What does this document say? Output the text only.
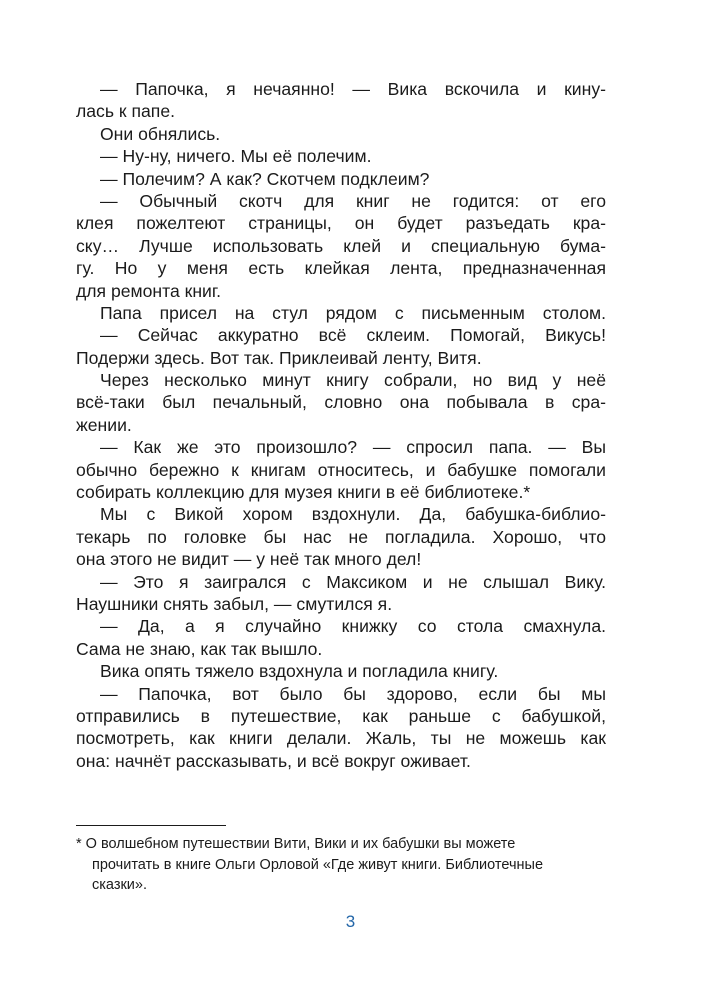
— Папочка, я нечаянно! — Вика вскочила и кину-
лась к папе.
Они обнялись.
— Ну-ну, ничего. Мы её полечим.
— Полечим? А как? Скотчем подклеим?
— Обычный скотч для книг не годится: от его
клея пожелтеют страницы, он будет разъедать кра-
ску… Лучше использовать клей и специальную бума-
гу. Но у меня есть клейкая лента, предназначенная
для ремонта книг.
Папа присел на стул рядом с письменным столом.
— Сейчас аккуратно всё склеим. Помогай, Викусь!
Подержи здесь. Вот так. Приклеивай ленту, Витя.
Через несколько минут книгу собрали, но вид у неё
всё-таки был печальный, словно она побывала в сра-
жении.
— Как же это произошло? — спросил папа. — Вы
обычно бережно к книгам относитесь, и бабушке помогали
собирать коллекцию для музея книги в её библиотеке.*
Мы с Викой хором вздохнули. Да, бабушка-библио-
текарь по головке бы нас не погладила. Хорошо, что
она этого не видит — у неё так много дел!
— Это я заигрался с Максиком и не слышал Вику.
Наушники снять забыл, — смутился я.
— Да, а я случайно книжку со стола смахнула.
Сама не знаю, как так вышло.
Вика опять тяжело вздохнула и погладила книгу.
— Папочка, вот было бы здорово, если бы мы
отправились в путешествие, как раньше с бабушкой,
посмотреть, как книги делали. Жаль, ты не можешь как
она: начнёт рассказывать, и всё вокруг оживает.
* О волшебном путешествии Вити, Вики и их бабушки вы можете
прочитать в книге Ольги Орловой «Где живут книги. Библиотечные
сказки».
3
